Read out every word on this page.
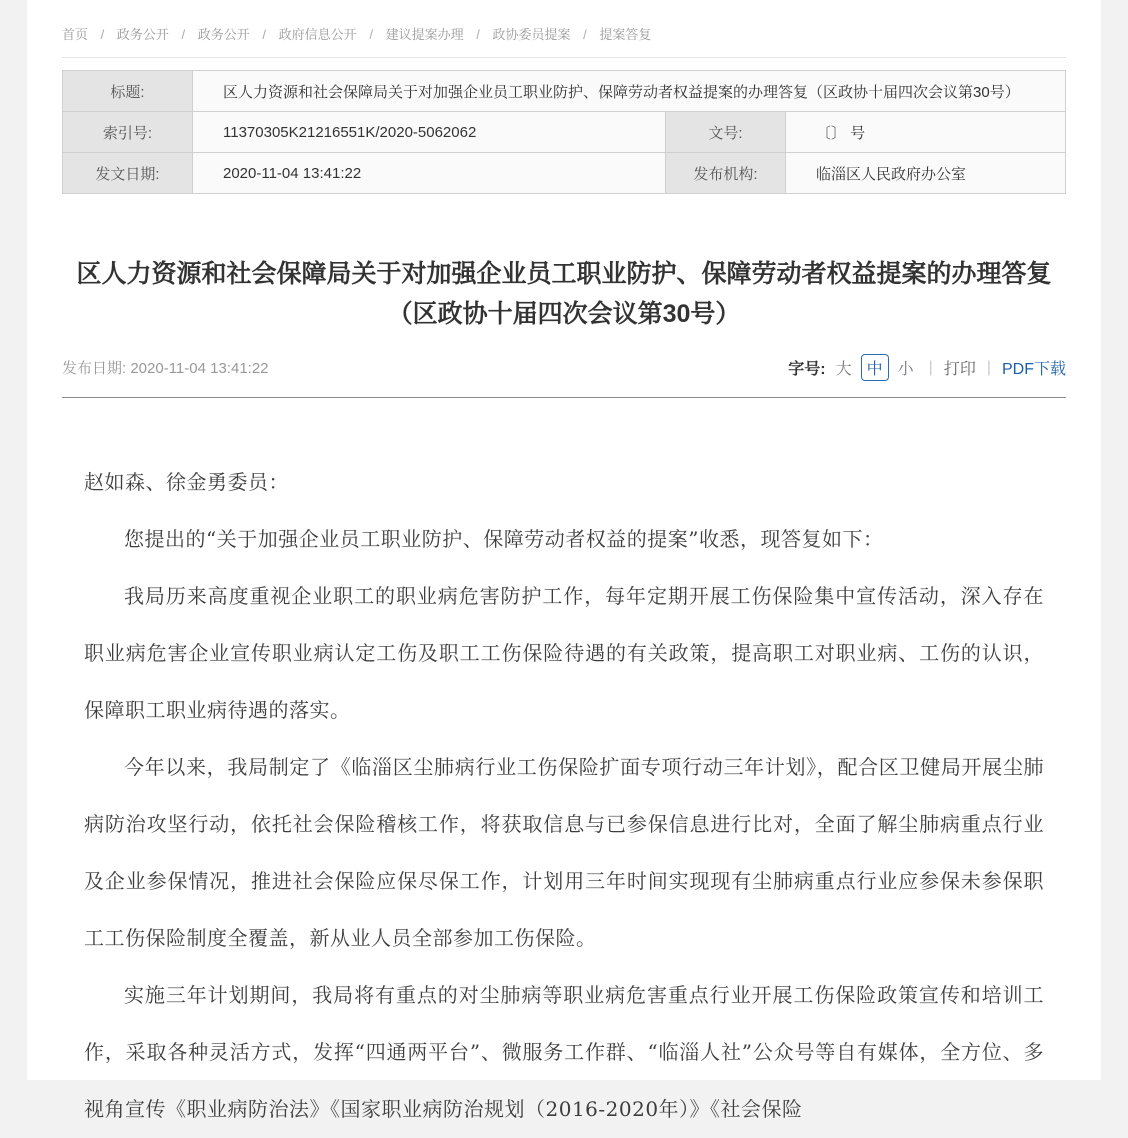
首页 / 政务公开 / 政务公开 / 政府信息公开 / 建议提案办理 / 政协委员提案 / 提案答复
标题:	区人力资源和社会保障局关于对加强企业员工职业防护、保障劳动者权益提案的办理答复（区政协十届四次会议第30号）		
索引号:	11370305K21216551K/2020-5062062	文号:	〔〕 号
发文日期:	2020-11-04 13:41:22	发布机构:	临淄区人民政府办公室
区人力资源和社会保障局关于对加强企业员工职业防护、保障劳动者权益提案的办理答复（区政协十届四次会议第30号）
发布日期: 2020-11-04 13:41:22	字号: 大 中 小 | 打印 | PDF下载

赵如森、徐金勇委员：

您提出的“关于加强企业员工职业防护、保障劳动者权益的提案”收悉，现答复如下：

我局历来高度重视企业职工的职业病危害防护工作，每年定期开展工伤保险集中宣传活动，深入存在职业病危害企业宣传职业病认定工伤及职工工伤保险待遇的有关政策，提高职工对职业病、工伤的认识，保障职工职业病待遇的落实。

今年以来，我局制定了《临淄区尘肺病行业工伤保险扩面专项行动三年计划》，配合区卫健局开展尘肺病防治攻坚行动，依托社会保险稽核工作，将获取信息与已参保信息进行比对，全面了解尘肺病重点行业及企业参保情况，推进社会保险应保尽保工作，计划用三年时间实现现有尘肺病重点行业应参保未参保职工工伤保险制度全覆盖，新从业人员全部参加工伤保险。

实施三年计划期间，我局将有重点的对尘肺病等职业病危害重点行业开展工伤保险政策宣传和培训工作，采取各种灵活方式，发挥“四通两平台”、微服务工作群、“临淄人社”公众号等自有媒体，全方位、多视角宣传《职业病防治法》《国家职业病防治规划（2016-2020年）》《社会保险
